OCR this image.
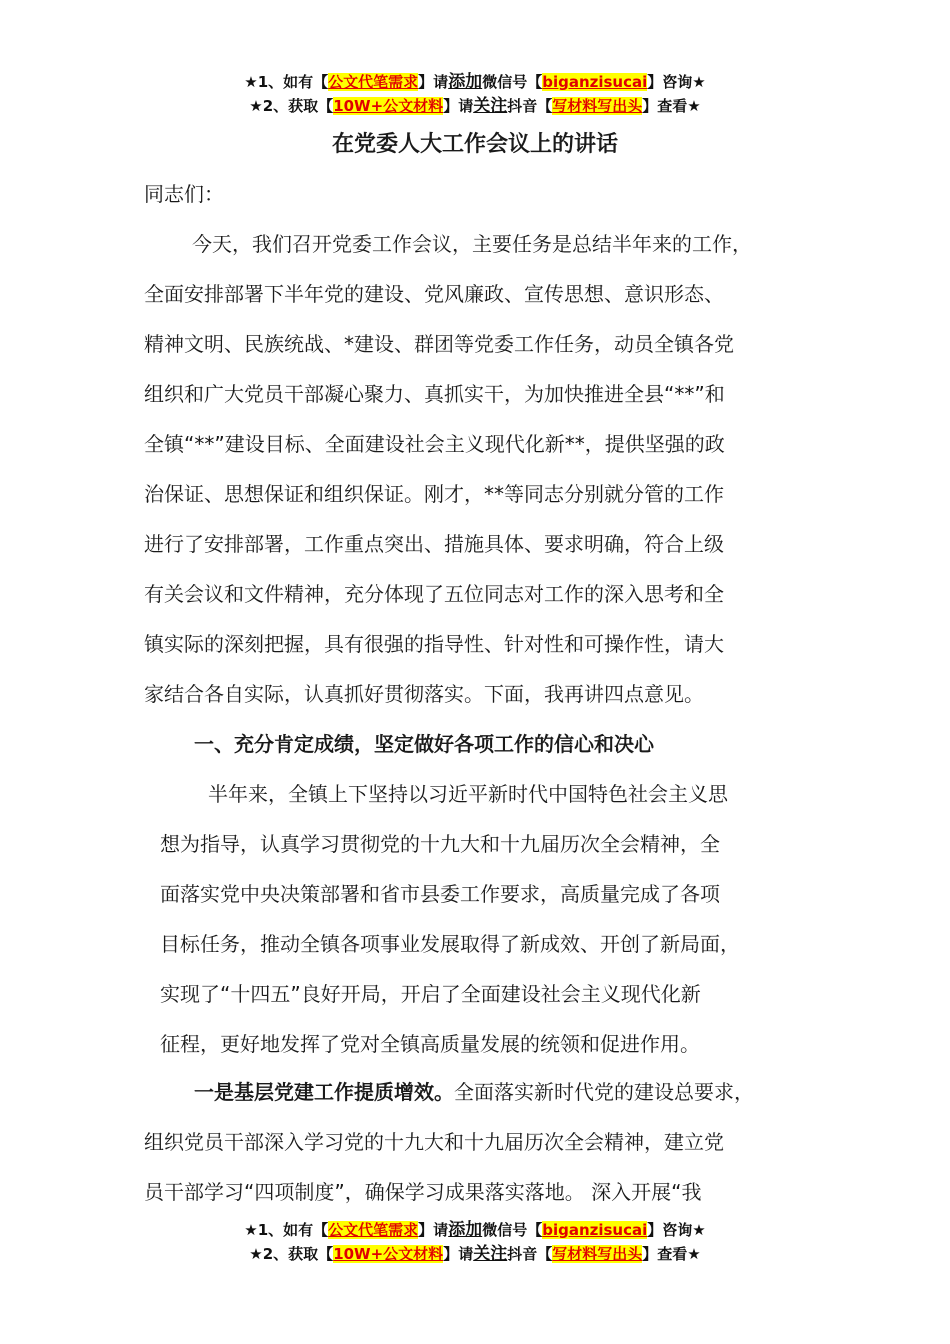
★1、如有【公文代笔需求】请添加微信号【biganzisucai】咨询★
★2、获取【10W+公文材料】请关注抖音【写材料写出头】查看★
在党委人大工作会议上的讲话
同志们：

今天，我们召开党委工作会议，主要任务是总结半年来的工作，

全面安排部署下半年党的建设、党风廉政、宣传思想、意识形态、

精神文明、民族统战、*建设、群团等党委工作任务，动员全镇各党

组织和广大党员干部凝心聚力、真抓实干，为加快推进全县“**”和

全镇“**”建设目标、全面建设社会主义现代化新**，提供坚强的政

治保证、思想保证和组织保证。刚才，**等同志分别就分管的工作

进行了安排部署，工作重点突出、措施具体、要求明确，符合上级

有关会议和文件精神，充分体现了五位同志对工作的深入思考和全

镇实际的深刻把握，具有很强的指导性、针对性和可操作性，请大

家结合各自实际，认真抓好贯彻落实。下面，我再讲四点意见。

一、充分肯定成绩，坚定做好各项工作的信心和决心

半年来，全镇上下坚持以习近平新时代中国特色社会主义思

想为指导，认真学习贯彻党的十九大和十九届历次全会精神，全

面落实党中央决策部署和省市县委工作要求，高质量完成了各项

目标任务，推动全镇各项事业发展取得了新成效、开创了新局面，

实现了“十四五”良好开局，开启了全面建设社会主义现代化新

征程，更好地发挥了党对全镇高质量发展的统领和促进作用。

一是基层党建工作提质增效。全面落实新时代党的建设总要求，

组织党员干部深入学习党的十九大和十九届历次全会精神，建立党

员干部学习“四项制度”，确保学习成果落实落地。 深入开展“我

★1、如有【公文代笔需求】请添加微信号【biganzisucai】咨询★
★2、获取【10W+公文材料】请关注抖音【写材料写出头】查看★
